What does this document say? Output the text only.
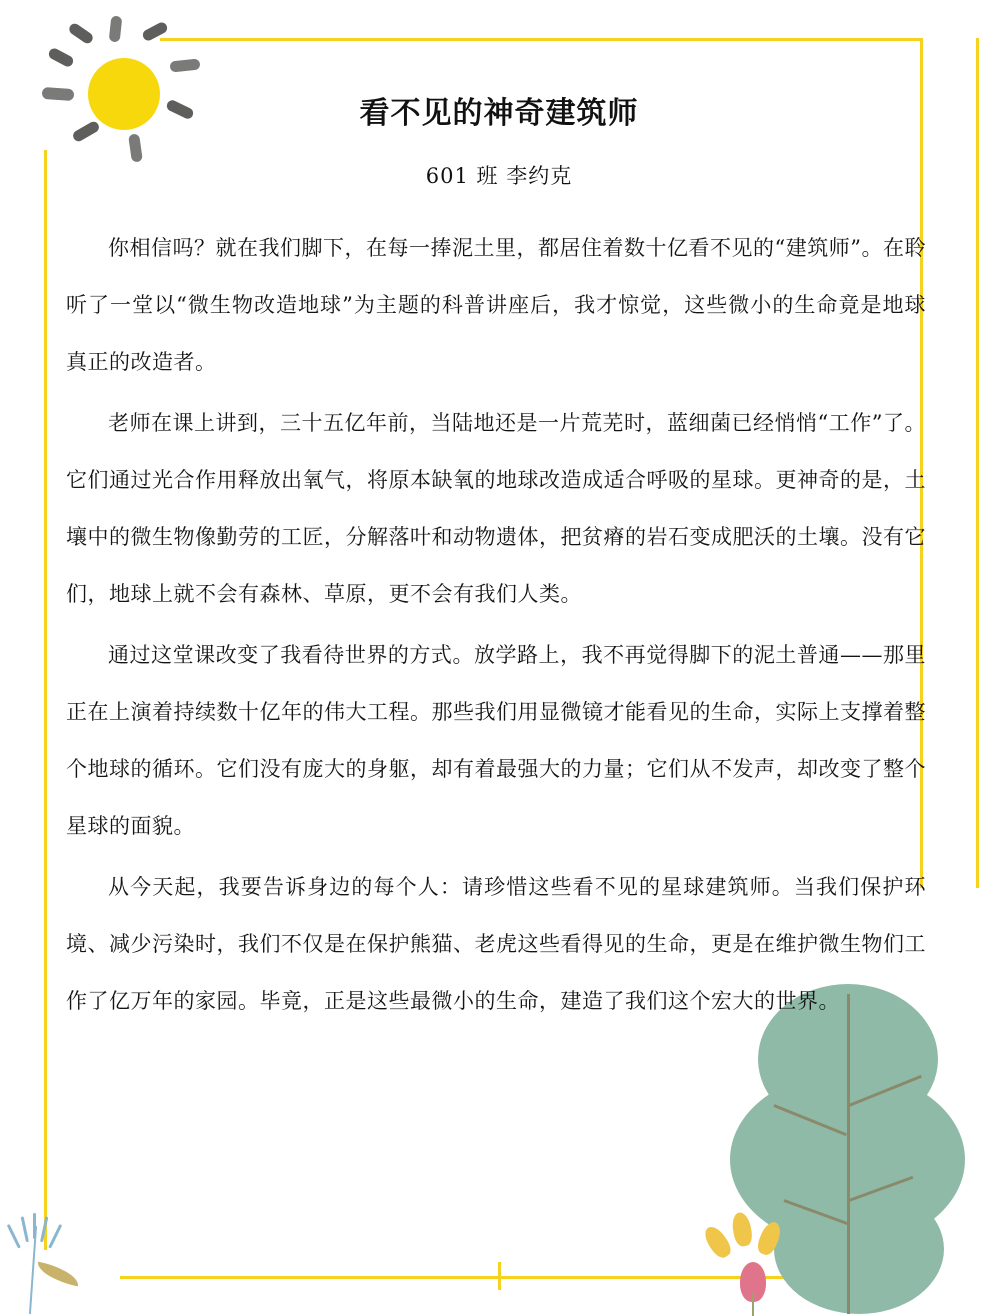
看不见的神奇建筑师
601 班 李约克

你相信吗？就在我们脚下，在每一捧泥土里，都居住着数十亿看不见的“建筑师”。在聆听了一堂以“微生物改造地球”为主题的科普讲座后，我才惊觉，这些微小的生命竟是地球真正的改造者。

老师在课上讲到，三十五亿年前，当陆地还是一片荒芜时，蓝细菌已经悄悄“工作”了。它们通过光合作用释放出氧气，将原本缺氧的地球改造成适合呼吸的星球。更神奇的是，土壤中的微生物像勤劳的工匠，分解落叶和动物遗体，把贫瘠的岩石变成肥沃的土壤。没有它们，地球上就不会有森林、草原，更不会有我们人类。

通过这堂课改变了我看待世界的方式。放学路上，我不再觉得脚下的泥土普通——那里正在上演着持续数十亿年的伟大工程。那些我们用显微镜才能看见的生命，实际上支撑着整个地球的循环。它们没有庞大的身躯，却有着最强大的力量；它们从不发声，却改变了整个星球的面貌。

从今天起，我要告诉身边的每个人：请珍惜这些看不见的星球建筑师。当我们保护环境、减少污染时，我们不仅是在保护熊猫、老虎这些看得见的生命，更是在维护微生物们工作了亿万年的家园。毕竟，正是这些最微小的生命，建造了我们这个宏大的世界。
